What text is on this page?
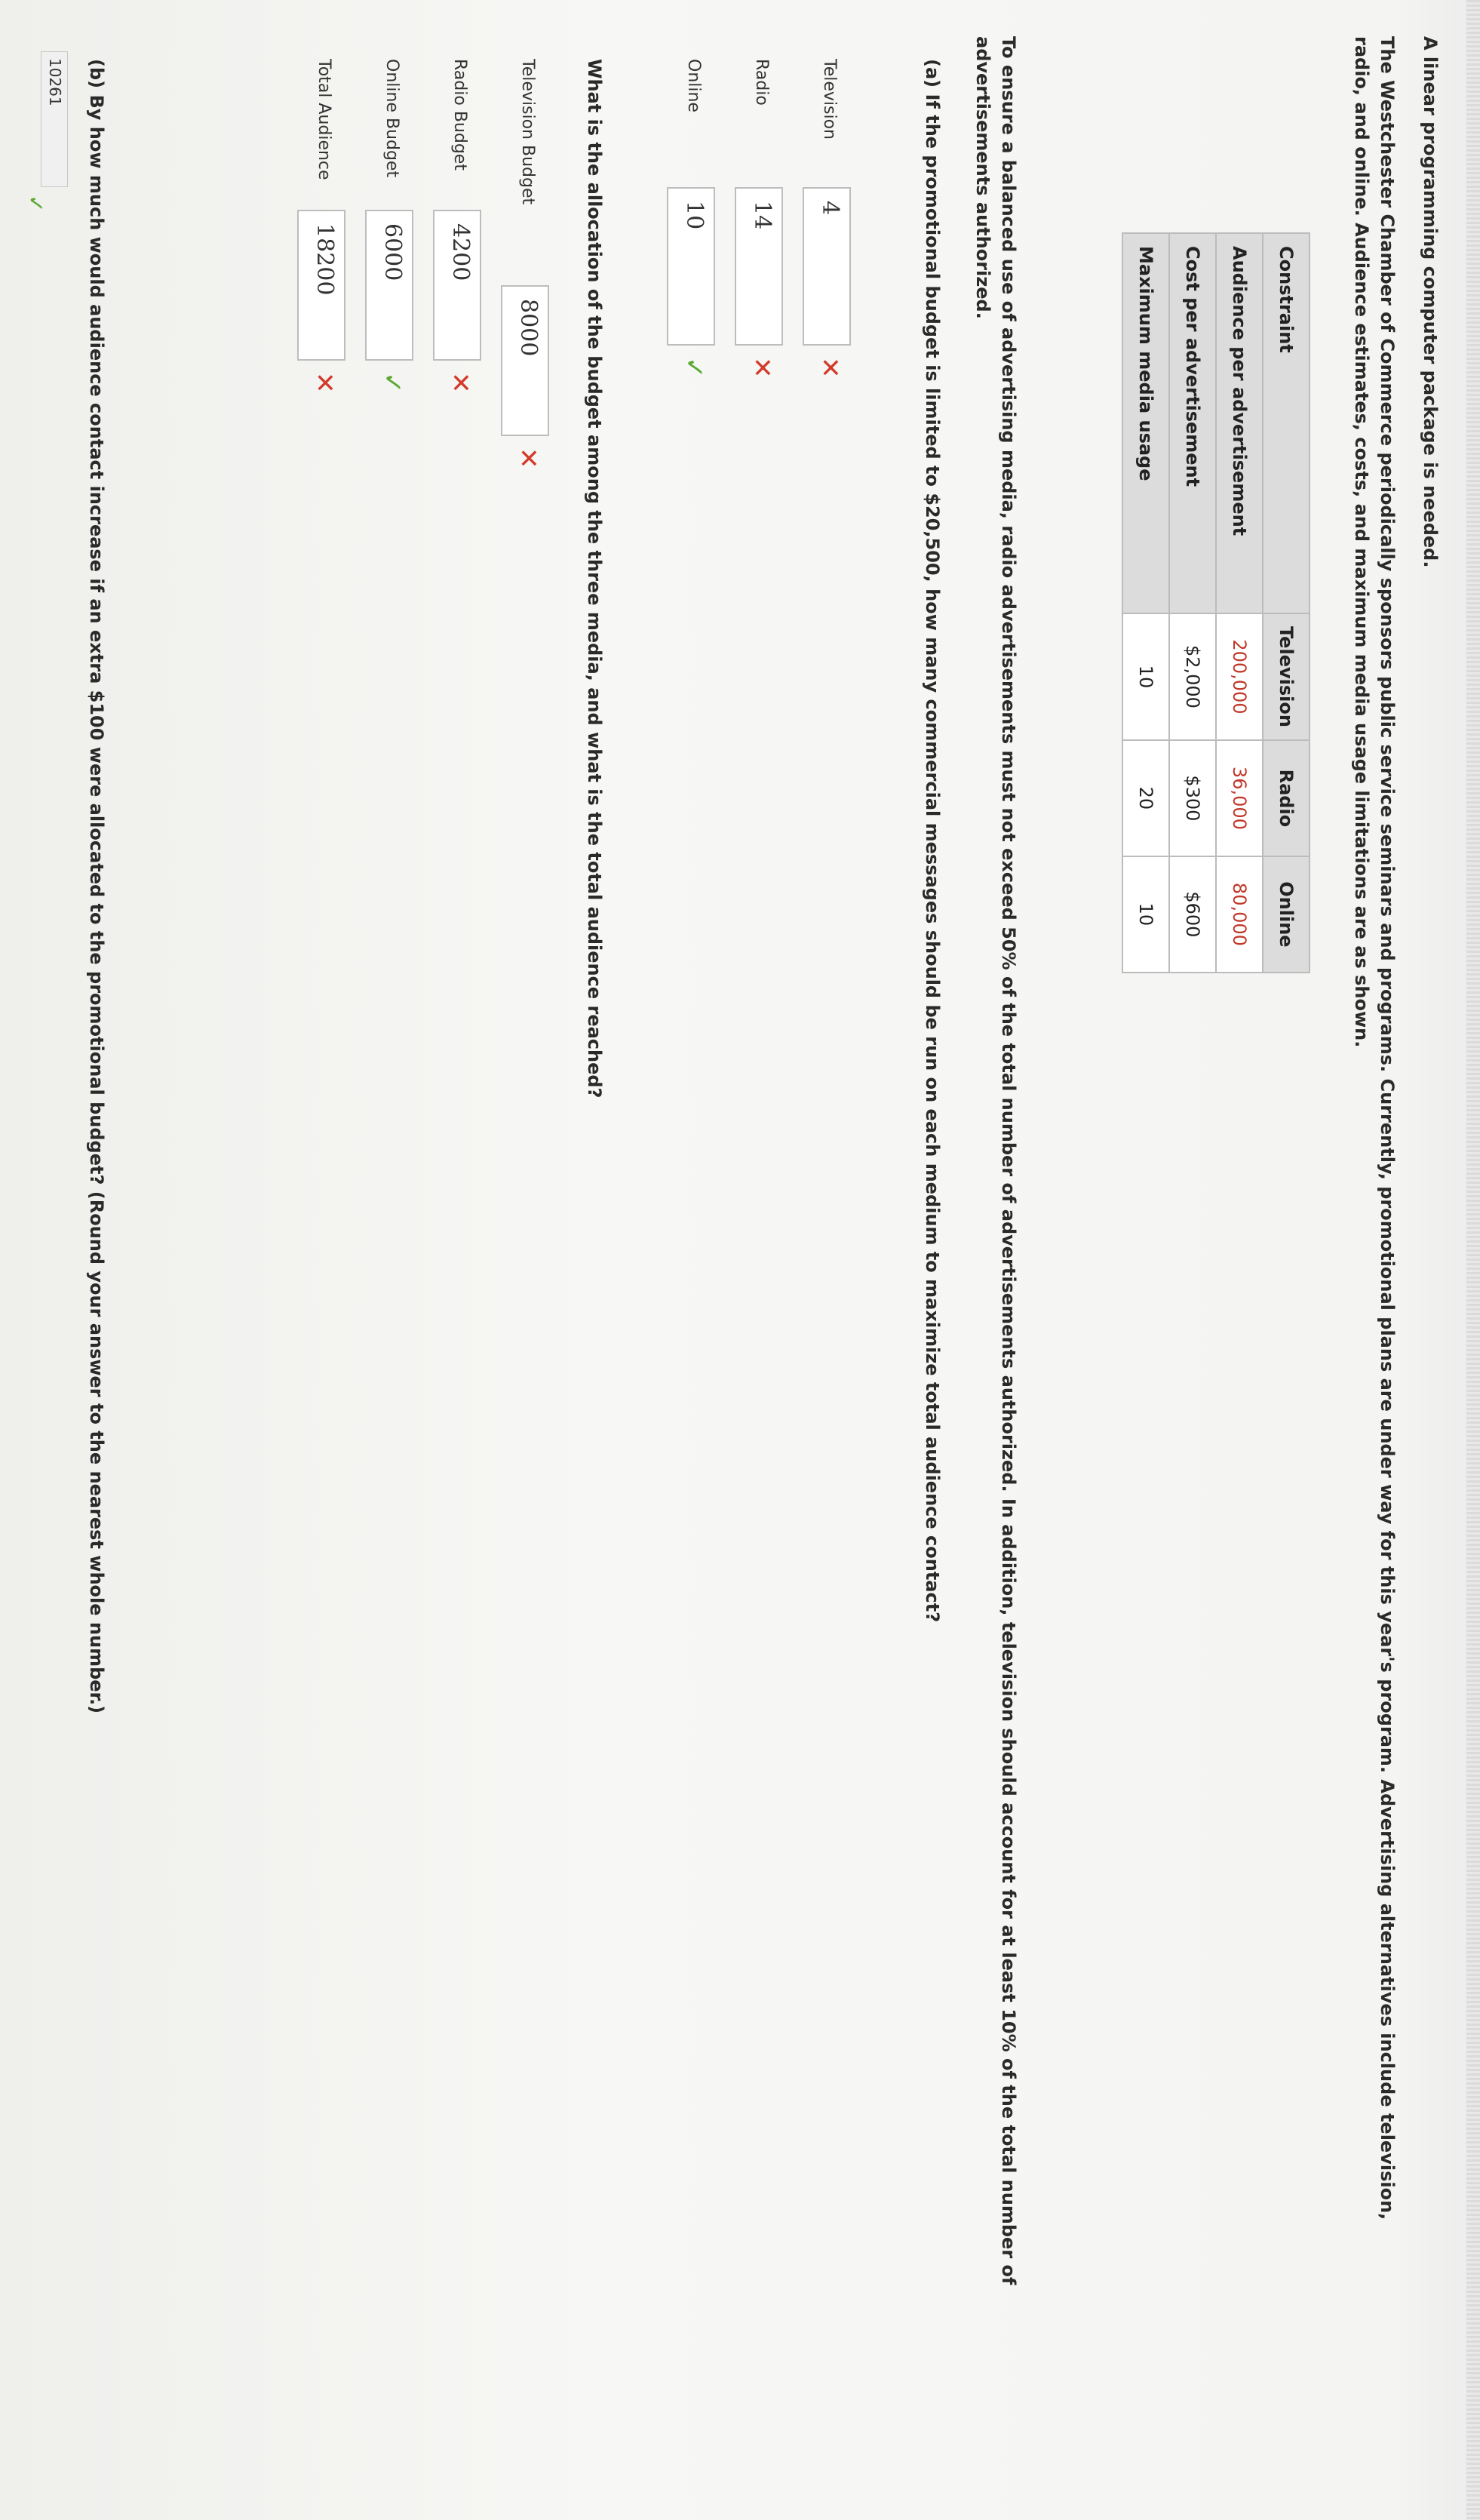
A linear programming computer package is needed.
The Westchester Chamber of Commerce periodically sponsors public service seminars and programs. Currently, promotional plans are under way for this year's program. Advertising alternatives include television, radio, and online. Audience estimates, costs, and maximum media usage limitations are as shown.
Constraint	Television	Radio	Online
Audience per advertisement	200,000	36,000	80,000
Cost per advertisement	$2,000	$300	$600
Maximum media usage	10	20	10
To ensure a balanced use of advertising media, radio advertisements must not exceed 50% of the total number of advertisements authorized. In addition, television should account for at least 10% of the total number of advertisements authorized.
(a) If the promotional budget is limited to $20,500, how many commercial messages should be run on each medium to maximize total audience contact?
Television
4
✕
Radio
14
✕
Online
10
✓
What is the allocation of the budget among the three media, and what is the total audience reached?
Television Budget
8000
✕
Radio Budget
4200
✕
Online Budget
6000
✓
Total Audience
18200
✕
(b) By how much would audience contact increase if an extra $100 were allocated to the promotional budget? (Round your answer to the nearest whole number.)
10261
✓
